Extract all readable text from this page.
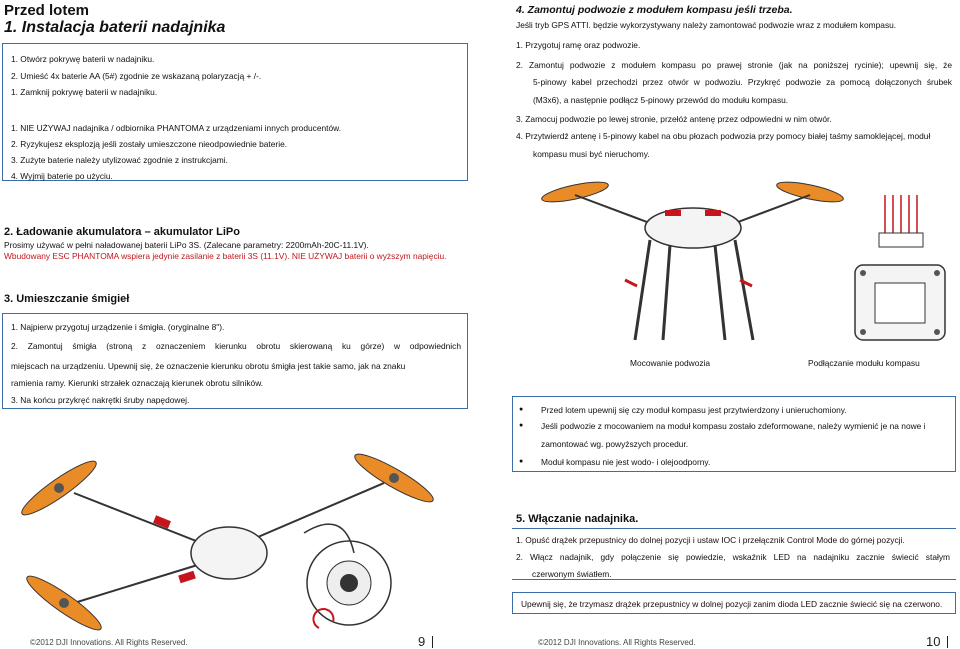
Przed lotem
1. Instalacja baterii nadajnika
1. Otwórz pokrywę baterii w nadajniku.
2. Umieść 4x baterie AA (5#) zgodnie ze wskazaną polaryzacją + /-.
1. Zamknij pokrywę baterii w nadajniku.
1. NIE UŻYWAJ nadajnika / odbiornika PHANTOMA z urządzeniami innych producentów.
2. Ryzykujesz eksplozją jeśli zostały umieszczone nieodpowiednie baterie.
3. Zużyte baterie należy utylizować zgodnie z instrukcjami.
4. Wyjmij baterie po użyciu.
2. Ładowanie akumulatora – akumulator LiPo
Prosimy używać w pełni naładowanej baterii LiPo 3S. (Zalecane parametry: 2200mAh-20C-11.1V).
Wbudowany ESC PHANTOMA wspiera jedynie zasilanie z baterii 3S (11.1V). NIE UŻYWAJ baterii o wyższym napięciu.
3. Umieszczanie śmigieł
1. Najpierw przygotuj urządzenie i śmigła. (oryginalne 8").
2. Zamontuj śmigła (stroną z oznaczeniem kierunku obrotu skierowaną ku górze) w odpowiednich
miejscach na urządzeniu. Upewnij się, że oznaczenie kierunku obrotu śmigła jest takie samo, jak na znaku
ramienia ramy. Kierunki strzałek oznaczają kierunek obrotu silników.
3. Na końcu przykręć nakrętki śruby napędowej.
©2012 DJI Innovations. All Rights Reserved.	9
4. Zamontuj podwozie z modułem kompasu jeśli trzeba.
Jeśli tryb GPS ATTI. będzie wykorzystywany należy zamontować podwozie wraz z modułem kompasu.
1. Przygotuj ramę oraz podwozie.
2. Zamontuj podwozie z modułem kompasu po prawej stronie (jak na poniższej rycinie); upewnij się, że
5-pinowy kabel przechodzi przez otwór w podwoziu. Przykręć podwozie za pomocą dołączonych śrubek
(M3x6), a następnie podłącz 5-pinowy przewód do modułu kompasu.
3. Zamocuj podwozie po lewej stronie, przełóż antenę przez odpowiedni w nim otwór.
4. Przytwierdź antenę i 5-pinowy kabel na obu płozach podwozia przy pomocy białej taśmy samoklejącej, moduł
kompasu musi być nieruchomy.
Mocowanie podwozia	Podłączanie modułu kompasu
● Przed lotem upewnij się czy moduł kompasu jest przytwierdzony i unieruchomiony.
● Jeśli podwozie z mocowaniem na moduł kompasu zostało zdeformowane, należy wymienić je na nowe i
zamontować wg. powyższych procedur.
● Moduł kompasu nie jest wodo- i olejoodporny.
5. Włączanie nadajnika.
1. Opuść drążek przepustnicy do dolnej pozycji i ustaw IOC i przełącznik Control Mode do górnej pozycji.
2. Włącz nadajnik, gdy połączenie się powiedzie, wskaźnik LED na nadajniku zacznie świecić stałym
czerwonym światłem.
Upewnij się, że trzymasz drążek przepustnicy w dolnej pozycji zanim dioda LED zacznie świecić się na czerwono.
©2012 DJI Innovations. All Rights Reserved.	10
